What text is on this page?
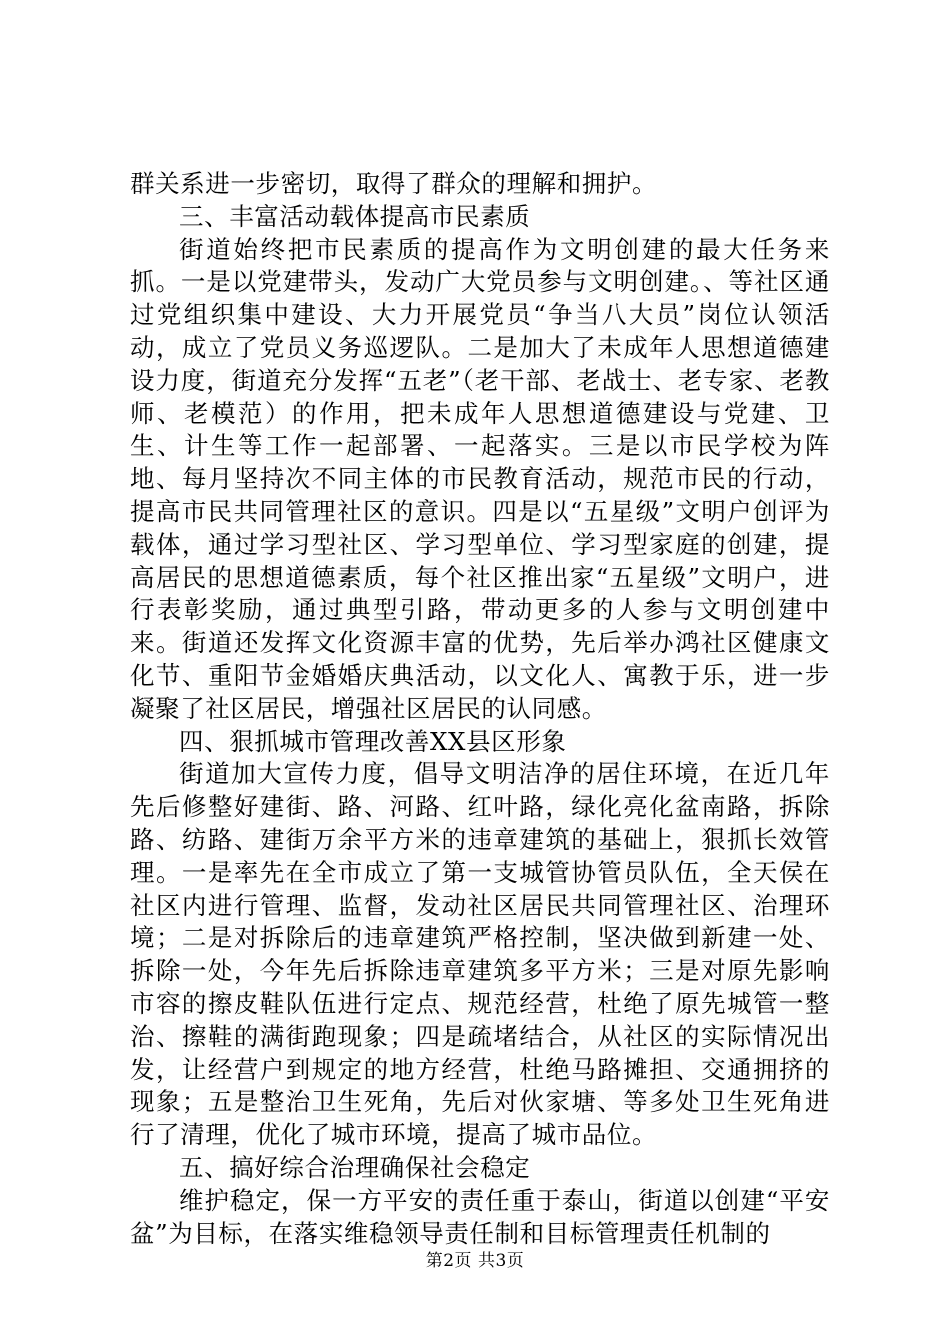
群关系进一步密切，取得了群众的理解和拥护。

三、丰富活动载体提高市民素质

街道始终把市民素质的提高作为文明创建的最大任务来抓。一是以党建带头，发动广大党员参与文明创建。、等社区通过党组织集中建设、大力开展党员“争当八大员”岗位认领活动，成立了党员义务巡逻队。二是加大了未成年人思想道德建设力度，街道充分发挥“五老”（老干部、老战士、老专家、老教师、老模范）的作用，把未成年人思想道德建设与党建、卫生、计生等工作一起部署、一起落实。三是以市民学校为阵地、每月坚持次不同主体的市民教育活动，规范市民的行动，提高市民共同管理社区的意识。四是以“五星级”文明户创评为载体，通过学习型社区、学习型单位、学习型家庭的创建，提高居民的思想道德素质，每个社区推出家“五星级”文明户，进行表彰奖励，通过典型引路，带动更多的人参与文明创建中来。街道还发挥文化资源丰富的优势，先后举办鸿社区健康文化节、重阳节金婚婚庆典活动，以文化人、寓教于乐，进一步凝聚了社区居民，增强社区居民的认同感。

四、狠抓城市管理改善XX县区形象

街道加大宣传力度，倡导文明洁净的居住环境，在近几年先后修整好建街、路、河路、红叶路，绿化亮化盆南路，拆除路、纺路、建街万余平方米的违章建筑的基础上，狠抓长效管理。一是率先在全市成立了第一支城管协管员队伍，全天侯在社区内进行管理、监督，发动社区居民共同管理社区、治理环境；二是对拆除后的违章建筑严格控制，坚决做到新建一处、拆除一处，今年先后拆除违章建筑多平方米；三是对原先影响市容的擦皮鞋队伍进行定点、规范经营，杜绝了原先城管一整治、擦鞋的满街跑现象；四是疏堵结合，从社区的实际情况出发，让经营户到规定的地方经营，杜绝马路摊担、交通拥挤的现象；五是整治卫生死角，先后对伙家塘、等多处卫生死角进行了清理，优化了城市环境，提高了城市品位。

五、搞好综合治理确保社会稳定

维护稳定，保一方平安的责任重于泰山，街道以创建“平安盆”为目标，在落实维稳领导责任制和目标管理责任机制的

第2页 共3页
